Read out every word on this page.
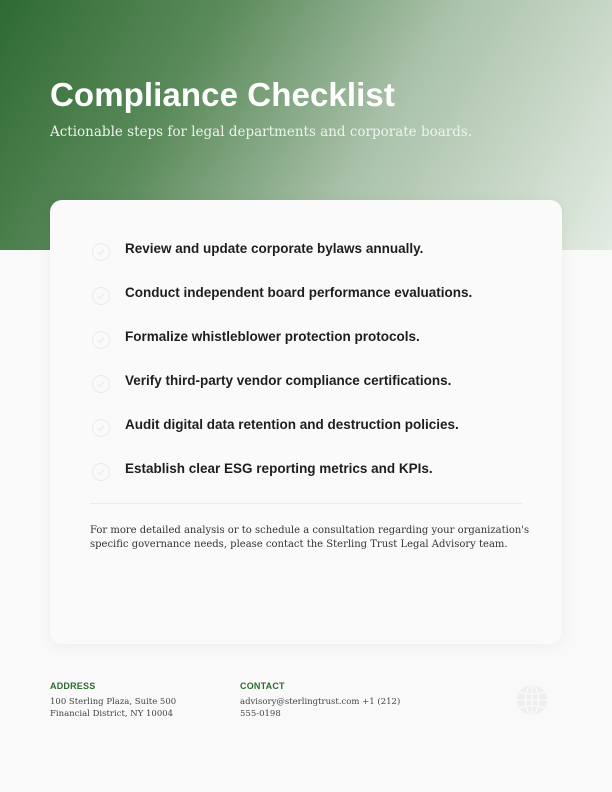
Compliance Checklist

Actionable steps for legal departments and corporate boards.

Review and update corporate bylaws annually.
Conduct independent board performance evaluations.
Formalize whistleblower protection protocols.
Verify third-party vendor compliance certifications.
Audit digital data retention and destruction policies.
Establish clear ESG reporting metrics and KPIs.

For more detailed analysis or to schedule a consultation regarding your organization's specific governance needs, please contact the Sterling Trust Legal Advisory team.

ADDRESS
100 Sterling Plaza, Suite 500
Financial District, NY 10004
CONTACT
advisory@sterlingtrust.com +1 (212)
555-0198
